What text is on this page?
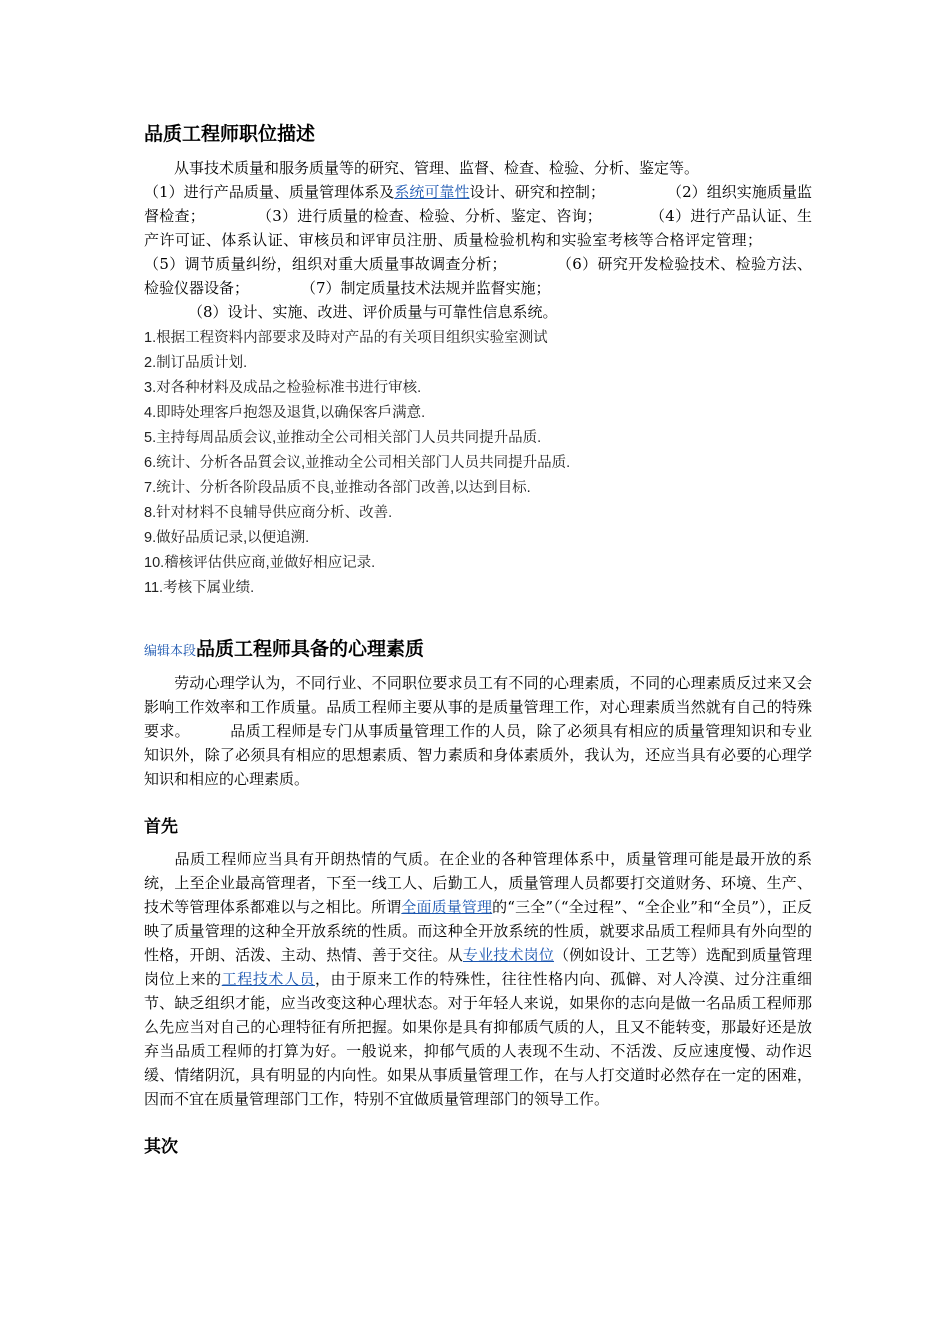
品质工程师职位描述

从事技术质量和服务质量等的研究、管理、监督、检查、检验、分析、鉴定等。
（1）进行产品质量、质量管理体系及系统可靠性设计、研究和控制；	（2）组织实施质量监督检查；	（3）进行质量的检查、检验、分析、鉴定、咨询；	（4）进行产品认证、生产许可证、体系认证、审核员和评审员注册、质量检验机构和实验室考核等合格评定管理；（5）调节质量纠纷，组织对重大质量事故调查分析；	（6）研究开发检验技术、检验方法、检验仪器设备；	（7）制定质量技术法规并监督实施；
（8）设计、实施、改进、评价质量与可靠性信息系统。

1.根据工程资料内部要求及時对产品的有关项目组织实验室测试
2.制订品质计划.
3.对各种材料及成品之检验标准书进行审核.
4.即時处理客戶抱怨及退貨,以确保客戶满意.
5.主持每周品质会议,並推动全公司相关部门人员共同提升品质.
6.统计、分析各品質会议,並推动全公司相关部门人员共同提升品质.
7.统计、分析各阶段品质不良,並推动各部门改善,以达到目标.
8.针对材料不良辅导供应商分析、改善.
9.做好品质记录,以便追溯.
10.稽核评估供应商,並做好相应记录.
11.考核下属业绩.
编辑本段 品质工程师具备的心理素质

劳动心理学认为，不同行业、不同职位要求员工有不同的心理素质，不同的心理素质反过来又会影响工作效率和工作质量。品质工程师主要从事的是质量管理工作，对心理素质当然就有自己的特殊要求。	品质工程师是专门从事质量管理工作的人员，除了必须具有相应的质量管理知识和专业知识外，除了必须具有相应的思想素质、智力素质和身体素质外，我认为，还应当具有必要的心理学知识和相应的心理素质。

首先

品质工程师应当具有开朗热情的气质。在企业的各种管理体系中，质量管理可能是最开放的系统，上至企业最高管理者，下至一线工人、后勤工人，质量管理人员都要打交道财务、环境、生产、技术等管理体系都难以与之相比。所谓全面质量管理的“三全”（“全过程”、“全企业”和“全员”），正反映了质量管理的这种全开放系统的性质。而这种全开放系统的性质，就要求品质工程师具有外向型的性格，开朗、活泼、主动、热情、善于交往。从专业技术岗位（例如设计、工艺等）选配到质量管理岗位上来的工程技术人员，由于原来工作的特殊性，往往性格内向、孤僻、对人冷漠、过分注重细节、缺乏组织才能，应当改变这种心理状态。对于年轻人来说，如果你的志向是做一名品质工程师那么先应当对自己的心理特征有所把握。如果你是具有抑郁质气质的人，且又不能转变，那最好还是放弃当品质工程师的打算为好。一般说来，抑郁气质的人表现不生动、不活泼、反应速度慢、动作迟缓、情绪阴沉，具有明显的内向性。如果从事质量管理工作，在与人打交道时必然存在一定的困难，因而不宜在质量管理部门工作，特别不宜做质量管理部门的领导工作。

其次
